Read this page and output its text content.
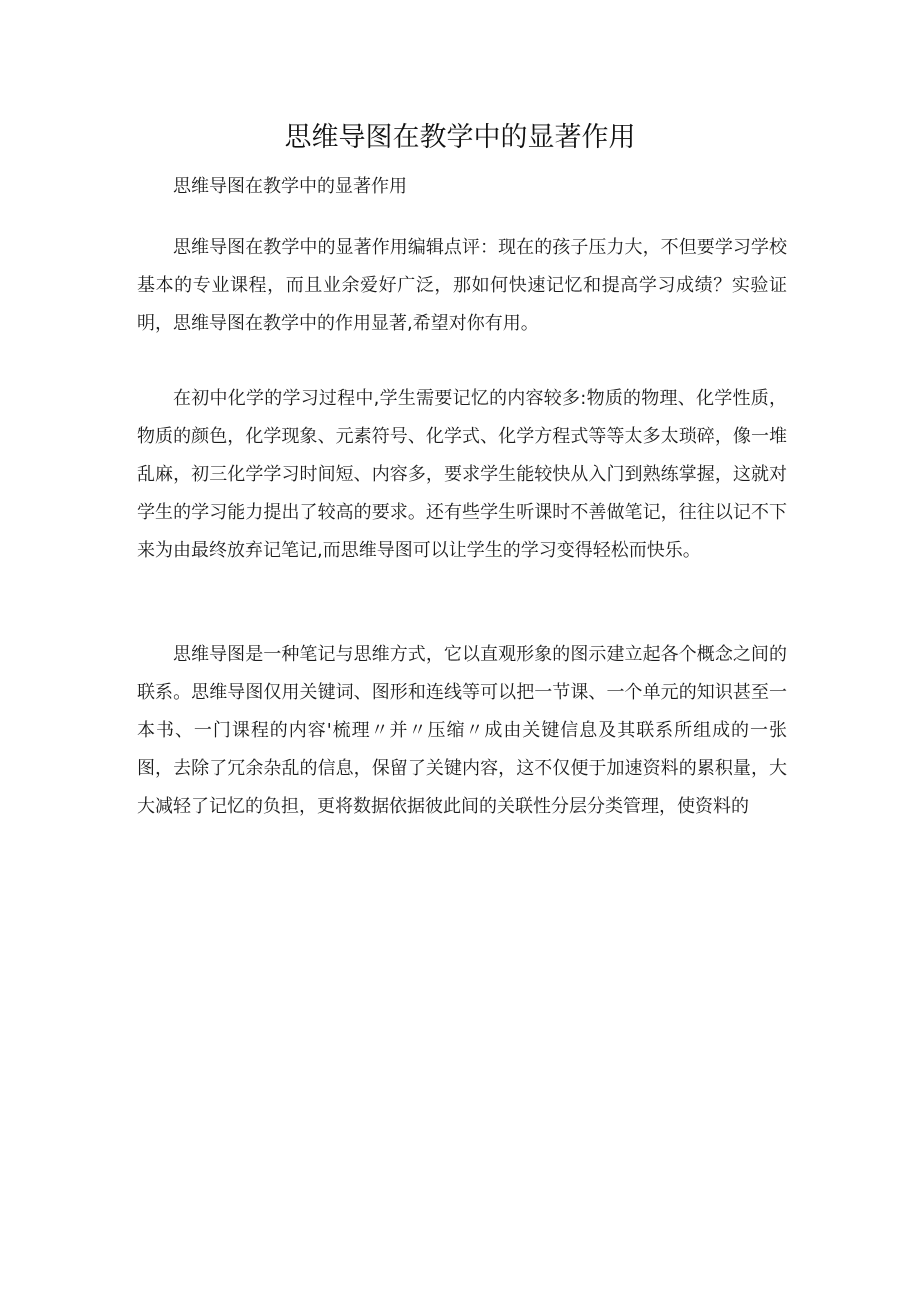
思维导图在教学中的显著作用

思维导图在教学中的显著作用

思维导图在教学中的显著作用编辑点评：现在的孩子压力大，不但要学习学校基本的专业课程，而且业余爱好广泛，那如何快速记忆和提高学习成绩？实验证明，思维导图在教学中的作用显著,希望对你有用。

在初中化学的学习过程中,学生需要记忆的内容较多:物质的物理、化学性质，物质的颜色，化学现象、元素符号、化学式、化学方程式等等太多太琐碎，像一堆乱麻，初三化学学习时间短、内容多，要求学生能较快从入门到熟练掌握，这就对学生的学习能力提出了较高的要求。还有些学生听课时不善做笔记，往往以记不下来为由最终放弃记笔记,而思维导图可以让学生的学习变得轻松而快乐。

思维导图是一种笔记与思维方式，它以直观形象的图示建立起各个概念之间的联系。思维导图仅用关键词、图形和连线等可以把一节课、一个单元的知识甚至一本书、一门课程的内容'梳理〃并〃压缩〃成由关键信息及其联系所组成的一张图，去除了冗余杂乱的信息，保留了关键内容，这不仅便于加速资料的累积量，大大减轻了记忆的负担，更将数据依据彼此间的关联性分层分类管理，使资料的
